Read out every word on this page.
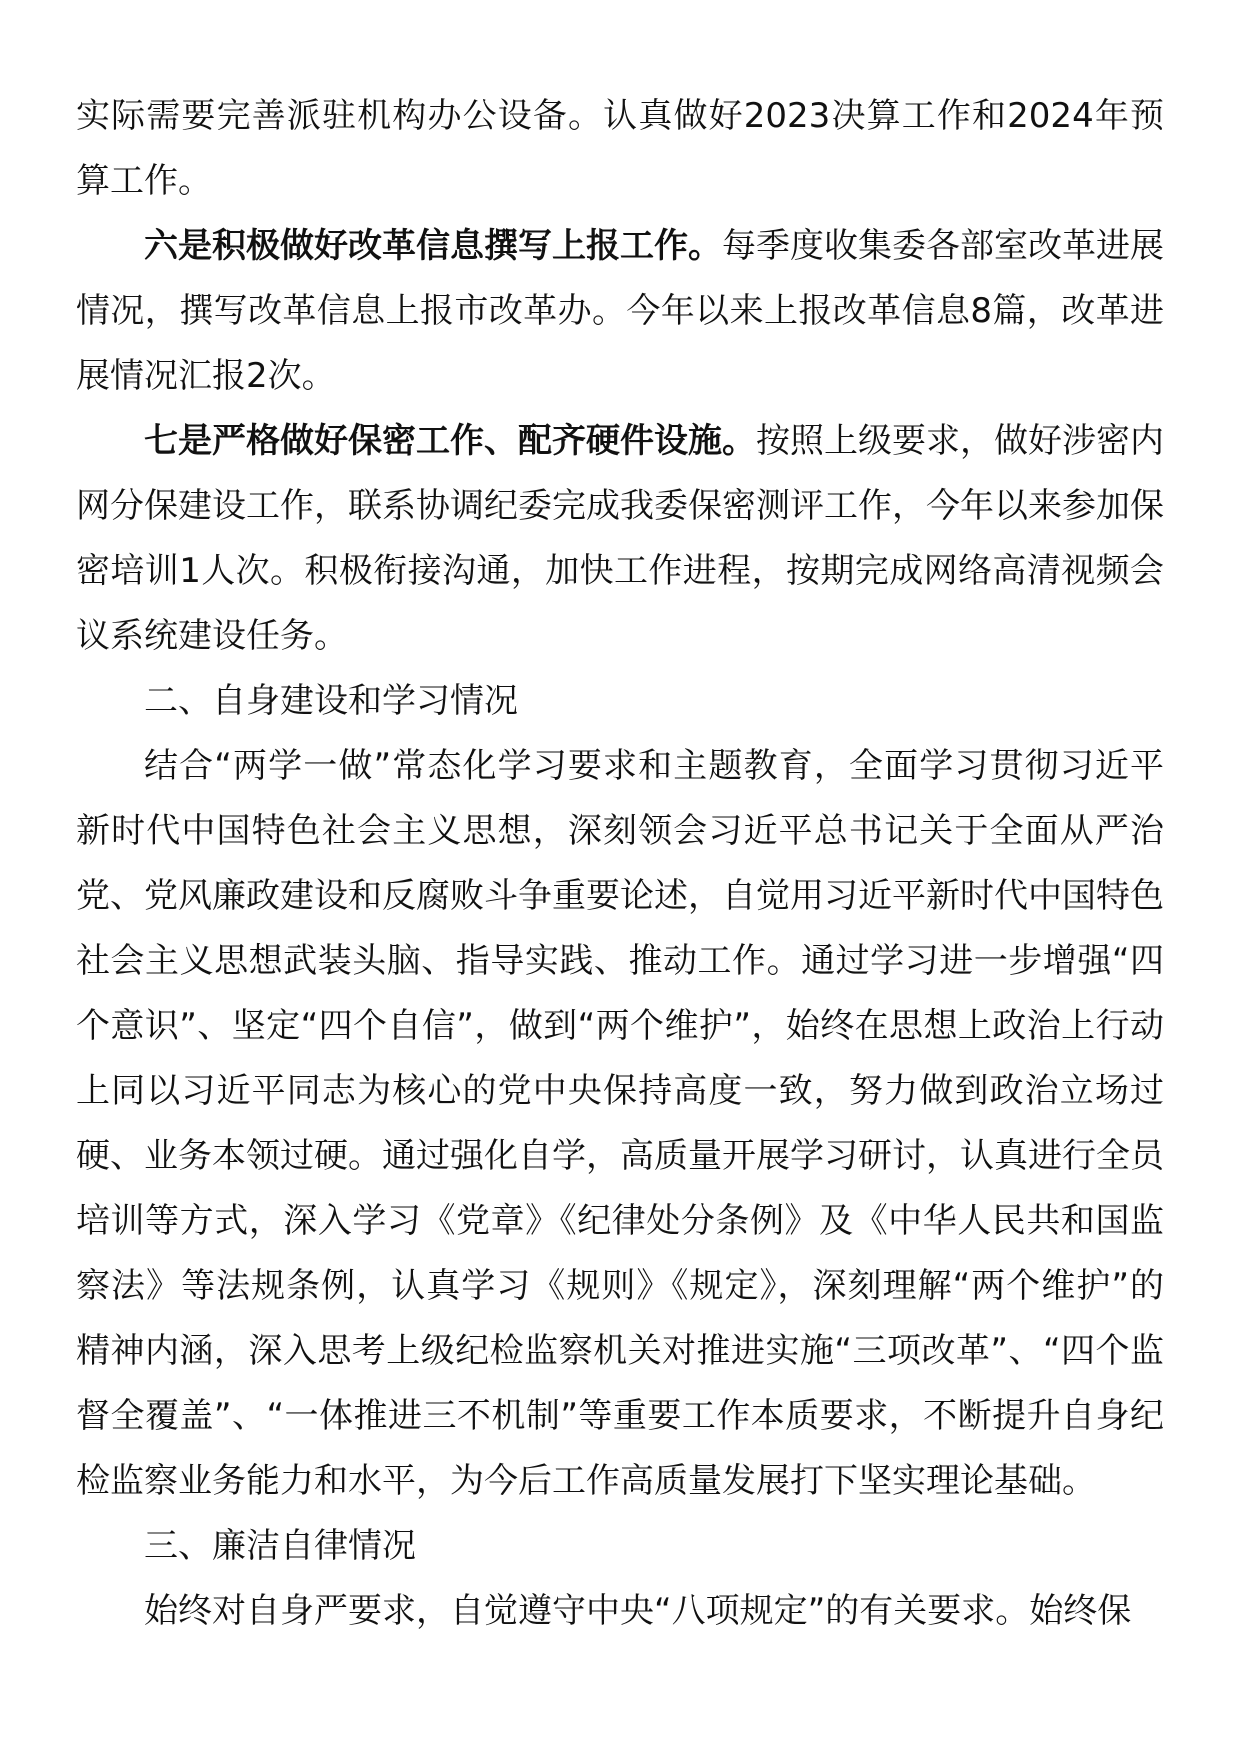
实际需要完善派驻机构办公设备。认真做好2023决算工作和2024年预算工作。

六是积极做好改革信息撰写上报工作。每季度收集委各部室改革进展情况，撰写改革信息上报市改革办。今年以来上报改革信息8篇，改革进展情况汇报2次。

七是严格做好保密工作、配齐硬件设施。按照上级要求，做好涉密内网分保建设工作，联系协调纪委完成我委保密测评工作，今年以来参加保密培训1人次。积极衔接沟通，加快工作进程，按期完成网络高清视频会议系统建设任务。

二、自身建设和学习情况

结合“两学一做”常态化学习要求和主题教育，全面学习贯彻习近平新时代中国特色社会主义思想，深刻领会习近平总书记关于全面从严治党、党风廉政建设和反腐败斗争重要论述，自觉用习近平新时代中国特色社会主义思想武装头脑、指导实践、推动工作。通过学习进一步增强“四个意识”、坚定“四个自信”，做到“两个维护”，始终在思想上政治上行动上同以习近平同志为核心的党中央保持高度一致，努力做到政治立场过硬、业务本领过硬。通过强化自学，高质量开展学习研讨，认真进行全员培训等方式，深入学习《党章》《纪律处分条例》及《中华人民共和国监察法》等法规条例，认真学习《规则》《规定》，深刻理解“两个维护”的精神内涵，深入思考上级纪检监察机关对推进实施“三项改革”、“四个监督全覆盖”、“一体推进三不机制”等重要工作本质要求，不断提升自身纪检监察业务能力和水平，为今后工作高质量发展打下坚实理论基础。

三、廉洁自律情况

始终对自身严要求，自觉遵守中央“八项规定”的有关要求。始终保
